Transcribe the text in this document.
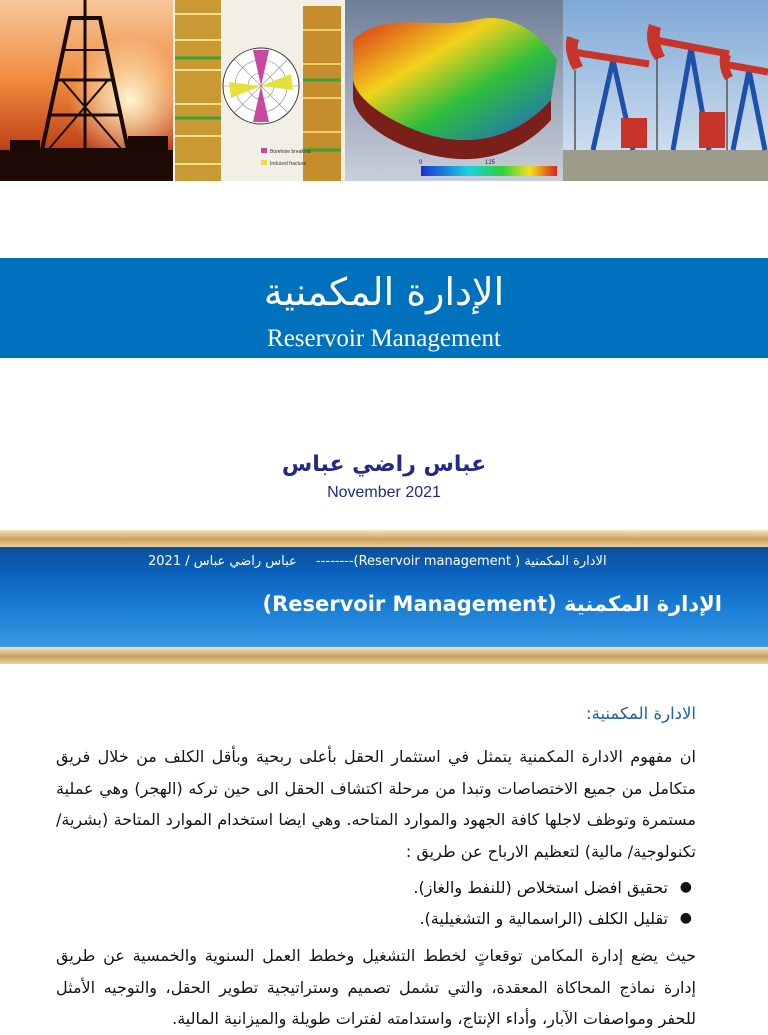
Borehole breakout
Induced fracture	0	125
الإدارة المكمنية
Reservoir Management
عباس راضي عباس
November 2021
عباس راضي عباس / 2021 --------(Reservoir management ) الادارة المكمنية
الإدارة المكمنية (Reservoir Management)
الادارة المكمنية:
ان مفهوم الادارة المكمنية يتمثل في استثمار الحقل بأعلى ربحية وبأقل الكلف من خلال فريق متكامل من جميع الاختصاصات وتبدا من مرحلة اكتشاف الحقل الى حين تركه (الهجر) وهي عملية مستمرة وتوظف لاجلها كافة الجهود والموارد المتاحه. وهي ايضا استخدام الموارد المتاحة (بشرية/ تكنولوجية/ مالية) لتعظيم الارباح عن طريق :
●
تحقيق افضل استخلاص (للنفط والغاز).
●
تقليل الكلف (الراسمالية و التشغيلية).
حيث يضع إدارة المكامن توقعاتٍ لخطط التشغيل وخطط العمل السنوية والخمسية عن طريق إدارة نماذج المحاكاة المعقدة، والتي تشمل تصميم وستراتيجية تطوير الحقل، والتوجيه الأمثل للحفر ومواصفات الآبار، وأداء الإنتاج، واستدامته لفترات طويلة والميزانية المالية.
